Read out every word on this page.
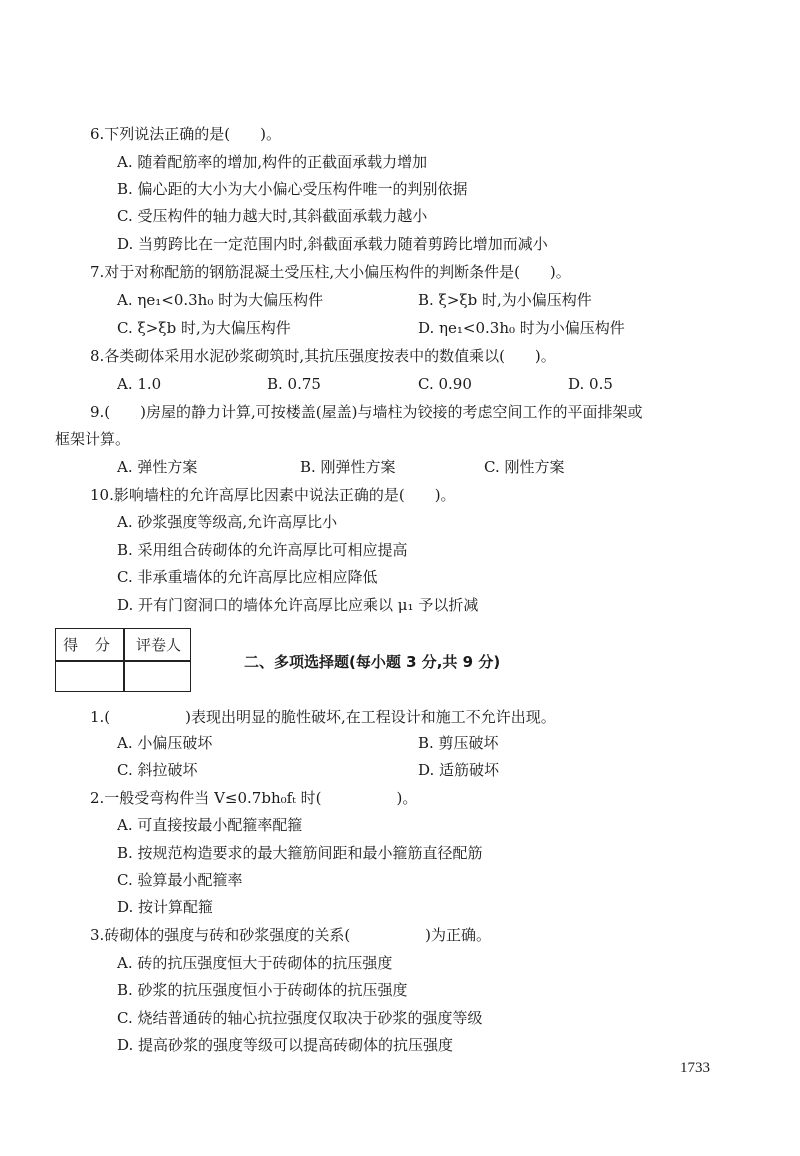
6.下列说法正确的是(　　)。
A. 随着配筋率的增加,构件的正截面承载力增加
B. 偏心距的大小为大小偏心受压构件唯一的判别依据
C. 受压构件的轴力越大时,其斜截面承载力越小
D. 当剪跨比在一定范围内时,斜截面承载力随着剪跨比增加而减小
7.对于对称配筋的钢筋混凝土受压柱,大小偏压构件的判断条件是(　　)。
A. ηe₁<0.3h₀ 时为大偏压构件	B. ξ>ξb 时,为小偏压构件
C. ξ>ξb 时,为大偏压构件	D. ηe₁<0.3h₀ 时为小偏压构件
8.各类砌体采用水泥砂浆砌筑时,其抗压强度按表中的数值乘以(　　)。
A. 1.0	B. 0.75	C. 0.90	D. 0.5
9.(　　)房屋的静力计算,可按楼盖(屋盖)与墙柱为铰接的考虑空间工作的平面排架或
框架计算。
A. 弹性方案	B. 刚弹性方案	C. 刚性方案
10.影响墙柱的允许高厚比因素中说法正确的是(　　)。
A. 砂浆强度等级高,允许高厚比小
B. 采用组合砖砌体的允许高厚比可相应提高
C. 非承重墙体的允许高厚比应相应降低
D. 开有门窗洞口的墙体允许高厚比应乘以 μ₁ 予以折减
得 分	评卷人
二、多项选择题(每小题 3 分,共 9 分)
1.(　　　　　)表现出明显的脆性破坏,在工程设计和施工不允许出现。
A. 小偏压破坏	B. 剪压破坏
C. 斜拉破坏	D. 适筋破坏
2.一般受弯构件当 V≤0.7bh₀fₜ 时(　　　　　)。
A. 可直接按最小配箍率配箍
B. 按规范构造要求的最大箍筋间距和最小箍筋直径配筋
C. 验算最小配箍率
D. 按计算配箍
3.砖砌体的强度与砖和砂浆强度的关系(　　　　　)为正确。
A. 砖的抗压强度恒大于砖砌体的抗压强度
B. 砂浆的抗压强度恒小于砖砌体的抗压强度
C. 烧结普通砖的轴心抗拉强度仅取决于砂浆的强度等级
D. 提高砂浆的强度等级可以提高砖砌体的抗压强度
1733
